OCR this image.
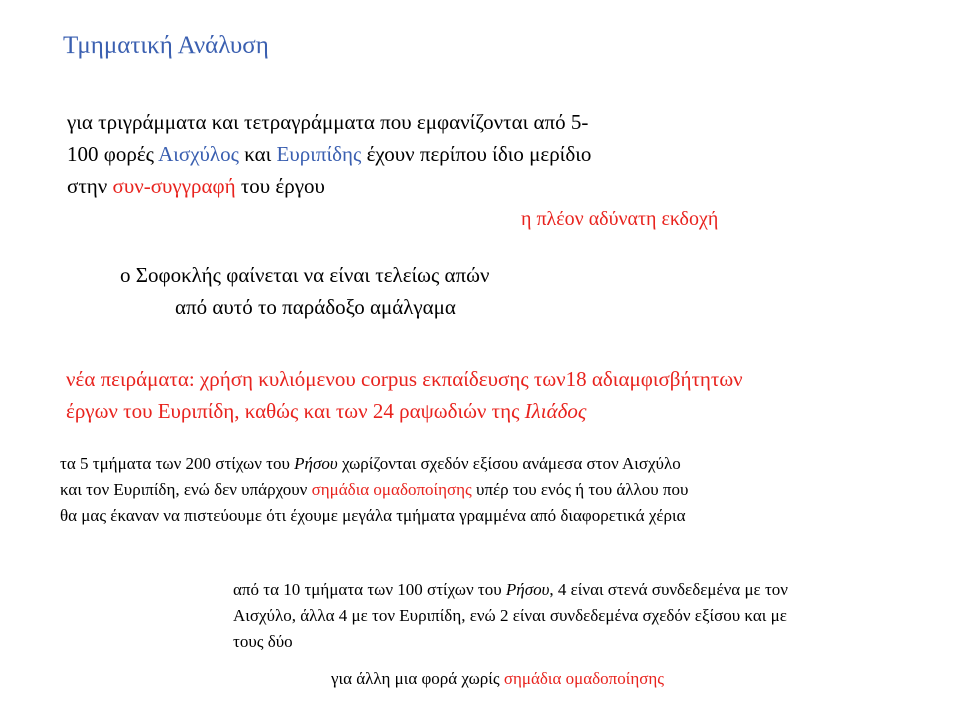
Τμηματική Ανάλυση
για τριγράμματα και τετραγράμματα που εμφανίζονται από 5-
100 φορές Αισχύλος και Ευριπίδης έχουν περίπου ίδιο μερίδιο
στην συν-συγγραφή του έργου

η πλέον αδύνατη εκδοχή

ο Σοφοκλής φαίνεται να είναι τελείως απών
από αυτό το παράδοξο αμάλγαμα
νέα πειράματα: χρήση κυλιόμενου corpus εκπαίδευσης των18 αδιαμφισβήτητων
έργων του Ευριπίδη, καθώς και των 24 ραψωδιών της Ιλιάδος
τα 5 τμήματα των 200 στίχων του Ρήσου χωρίζονται σχεδόν εξίσου ανάμεσα στον Αισχύλο
και τον Ευριπίδη, ενώ δεν υπάρχουν σημάδια ομαδοποίησης υπέρ του ενός ή του άλλου που
θα μας έκαναν να πιστεύουμε ότι έχουμε μεγάλα τμήματα γραμμένα από διαφορετικά χέρια
από τα 10 τμήματα των 100 στίχων του Ρήσου, 4 είναι στενά συνδεδεμένα με τον
Αισχύλο, άλλα 4 με τον Ευριπίδη, ενώ 2 είναι συνδεδεμένα σχεδόν εξίσου και με
τους δύο

για άλλη μια φορά χωρίς σημάδια ομαδοποίησης
